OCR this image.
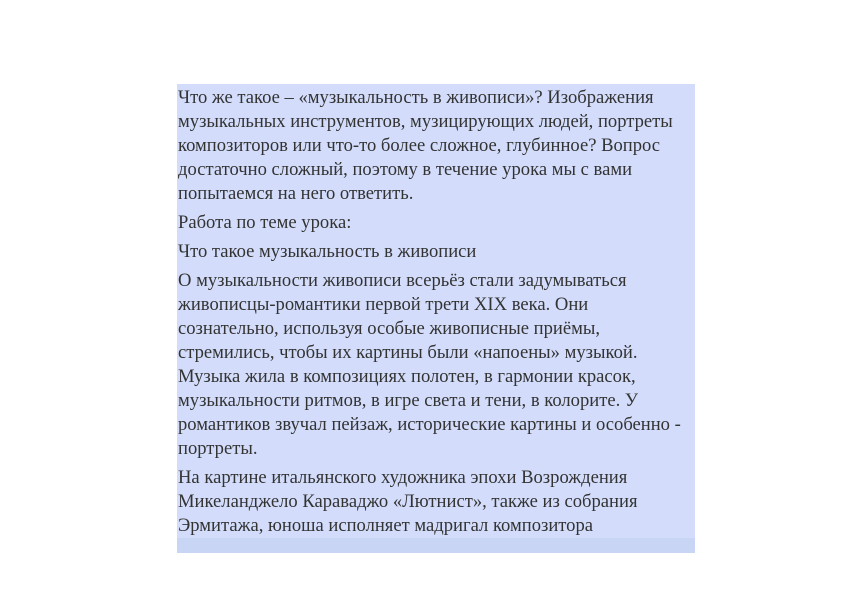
Что же такое – «музыкальность в живописи»? Изображения музыкальных инструментов, музицирующих людей, портреты композиторов или что-то более сложное, глубинное? Вопрос достаточно сложный, поэтому в течение урока мы с вами попытаемся на него ответить.

Работа по теме урока:

Что такое музыкальность в живописи

О музыкальности живописи всерьёз стали задумываться живописцы-романтики первой трети XIX века. Они сознательно, используя особые живописные приёмы, стремились, чтобы их картины были «напоены» музыкой. Музыка жила в композициях полотен, в гармонии красок, музыкальности ритмов, в игре света и тени, в колорите. У романтиков звучал пейзаж, исторические картины и особенно - портреты.

На картине итальянского художника эпохи Возрождения Микеланджело Караваджо «Лютнист», также из собрания Эрмитажа, юноша исполняет мадригал композитора
